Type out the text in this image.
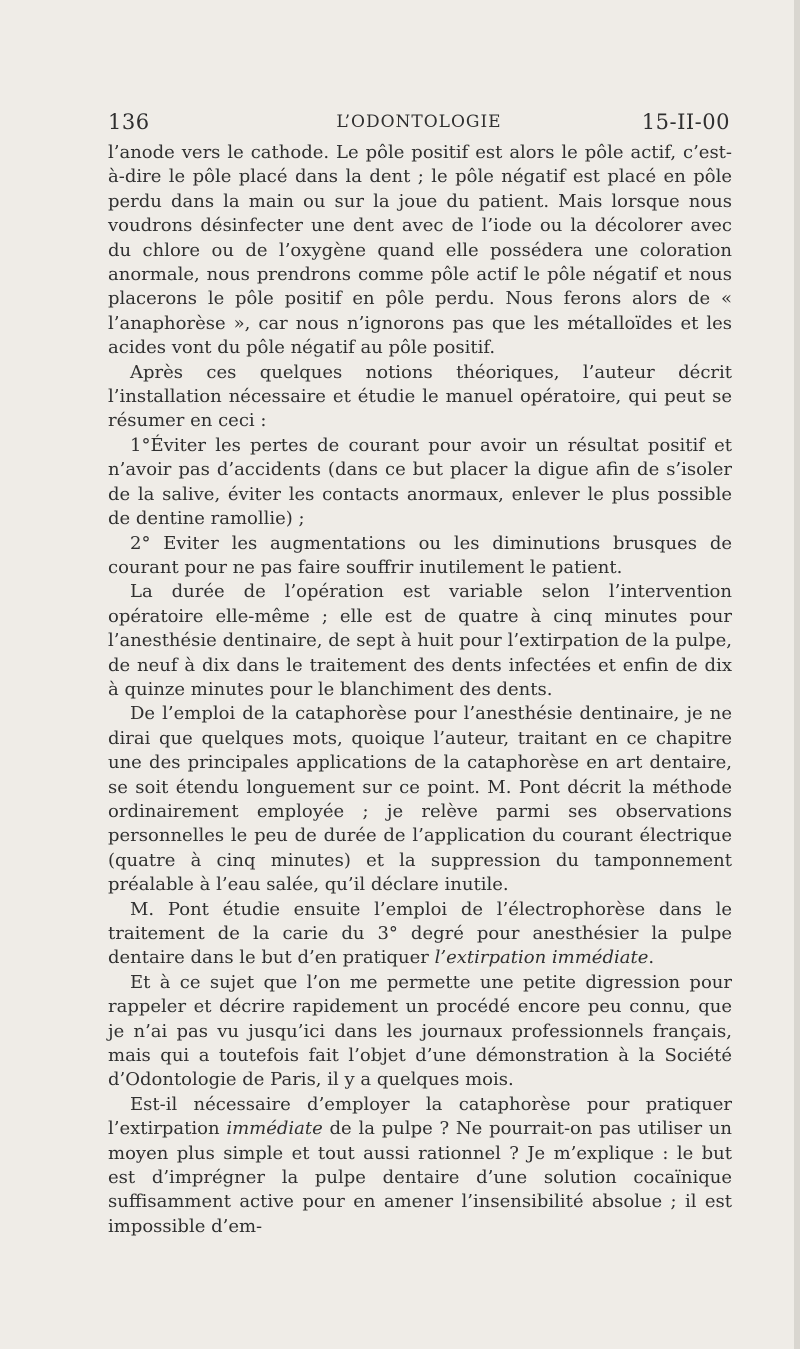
136	L’ODONTOLOGIE	15-II-00

l’anode vers le cathode. Le pôle positif est alors le pôle actif, c’est-à-dire le pôle placé dans la dent ; le pôle négatif est placé en pôle perdu dans la main ou sur la joue du patient. Mais lorsque nous voudrons désinfecter une dent avec de l’iode ou la décolorer avec du chlore ou de l’oxygène quand elle possédera une coloration anormale, nous prendrons comme pôle actif le pôle négatif et nous placerons le pôle positif en pôle perdu. Nous ferons alors de « l’anaphorèse », car nous n’ignorons pas que les métalloïdes et les acides vont du pôle négatif au pôle positif.

Après ces quelques notions théoriques, l’auteur décrit l’installation nécessaire et étudie le manuel opératoire, qui peut se résumer en ceci :

1°Éviter les pertes de courant pour avoir un résultat positif et n’avoir pas d’accidents (dans ce but placer la digue afin de s’isoler de la salive, éviter les contacts anormaux, enlever le plus possible de dentine ramollie) ;

2° Eviter les augmentations ou les diminutions brusques de courant pour ne pas faire souffrir inutilement le patient.

La durée de l’opération est variable selon l’intervention opératoire elle-même ; elle est de quatre à cinq minutes pour l’anesthésie dentinaire, de sept à huit pour l’extirpation de la pulpe, de neuf à dix dans le traitement des dents infectées et enfin de dix à quinze minutes pour le blanchiment des dents.

De l’emploi de la cataphorèse pour l’anesthésie dentinaire, je ne dirai que quelques mots, quoique l’auteur, traitant en ce chapitre une des principales applications de la cataphorèse en art dentaire, se soit étendu longuement sur ce point. M. Pont décrit la méthode ordinairement employée ; je relève parmi ses observations personnelles le peu de durée de l’application du courant électrique (quatre à cinq minutes) et la suppression du tamponnement préalable à l’eau salée, qu’il déclare inutile.

M. Pont étudie ensuite l’emploi de l’électrophorèse dans le traitement de la carie du 3° degré pour anesthésier la pulpe dentaire dans le but d’en pratiquer l’extirpation immédiate.

Et à ce sujet que l’on me permette une petite digression pour rappeler et décrire rapidement un procédé encore peu connu, que je n’ai pas vu jusqu’ici dans les journaux professionnels français, mais qui a toutefois fait l’objet d’une démonstration à la Société d’Odontologie de Paris, il y a quelques mois.

Est-il nécessaire d’employer la cataphorèse pour pratiquer l’extirpation immédiate de la pulpe ? Ne pourrait-on pas utiliser un moyen plus simple et tout aussi rationnel ? Je m’explique : le but est d’imprégner la pulpe dentaire d’une solution cocaïnique suffisamment active pour en amener l’insensibilité absolue ; il est impossible d’em-
